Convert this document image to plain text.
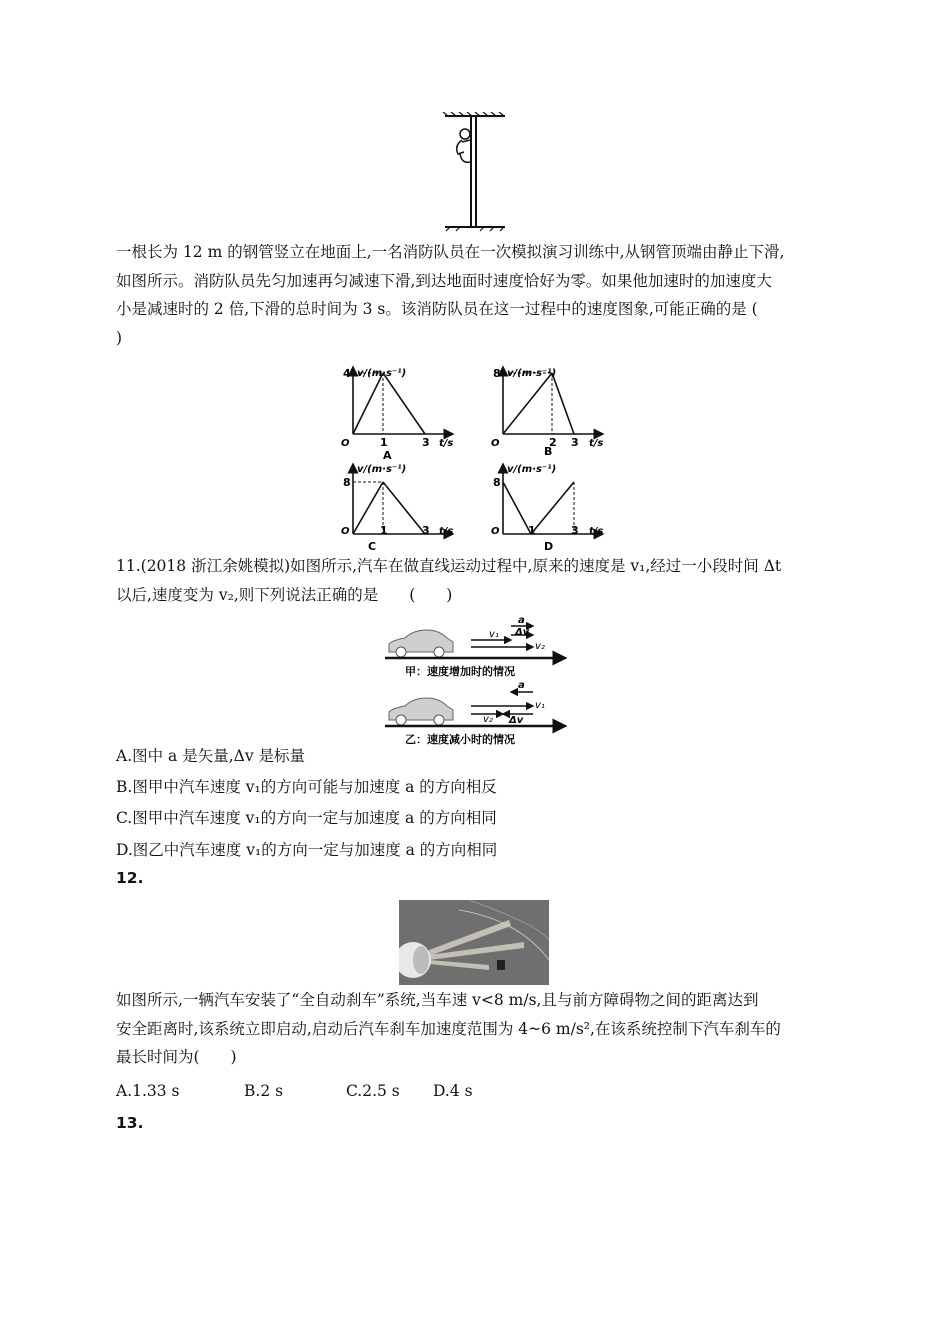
一根长为 12 m 的钢管竖立在地面上,一名消防队员在一次模拟演习训练中,从钢管顶端由静止下滑,
如图所示。消防队员先匀加速再匀减速下滑,到达地面时速度恰好为零。如果他加速时的加速度大
小是减速时的 2 倍,下滑的总时间为 3 s。该消防队员在这一过程中的速度图象,可能正确的是 (
)
v/(m·s⁻¹)
t/s
O
4
1	3
A
v/(m·s⁻¹)
t/s
O
8
2 3
B
v/(m·s⁻¹)
t/s
O
8
1	3
C
v/(m·s⁻¹)
t/s
O
8
1	3
D
11.(2018 浙江余姚模拟)如图所示,汽车在做直线运动过程中,原来的速度是 v₁,经过一小段时间 Δt
以后,速度变为 v₂,则下列说法正确的是　　(　　)
a
Δv
v₁
v₂
甲：速度增加时的情况
a
v₁
v₂ Δv
乙：速度减小时的情况
A.图中 a 是矢量,Δv 是标量
B.图甲中汽车速度 v₁的方向可能与加速度 a 的方向相反
C.图甲中汽车速度 v₁的方向一定与加速度 a 的方向相同
D.图乙中汽车速度 v₁的方向一定与加速度 a 的方向相同
12.
如图所示,一辆汽车安装了“全自动刹车”系统,当车速 v<8 m/s,且与前方障碍物之间的距离达到
安全距离时,该系统立即启动,启动后汽车刹车加速度范围为 4~6 m/s²,在该系统控制下汽车刹车的
最长时间为(　　)
A.1.33 s	B.2 s	C.2.5 s D.4 s
13.
